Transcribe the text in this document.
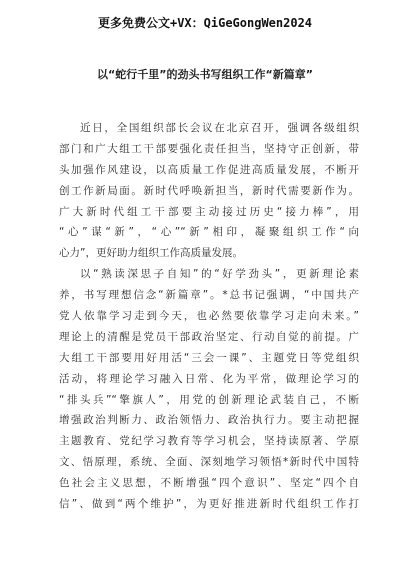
更多免费公文+VX：QiGeGongWen2024
以“蛇行千里”的劲头书写组织工作“新篇章”
近日，全国组织部长会议在北京召开，强调各级组织
部门和广大组工干部要强化责任担当，坚持守正创新，带
头加强作风建设，以高质量工作促进高质量发展，不断开
创工作新局面。新时代呼唤新担当，新时代需要新作为。
广大新时代组工干部要主动接过历史“接力棒”，用
“心”谋“新”，“心”“新”相印，凝聚组织工作“向
心力”，更好助力组织工作高质量发展。
以“熟读深思子自知”的“好学劲头”，更新理论素
养，书写理想信念“新篇章”。*总书记强调，“中国共产
党人依靠学习走到今天，也必然要依靠学习走向未来。”
理论上的清醒是党员干部政治坚定、行动自觉的前提。广
大组工干部要用好用活“三会一课”、主题党日等党组织
活动，将理论学习融入日常、化为平常，做理论学习的
“排头兵”“擎旗人”，用党的创新理论武装自己，不断
增强政治判断力、政治领悟力、政治执行力。要主动把握
主题教育、党纪学习教育等学习机会，坚持读原著、学原
文、悟原理，系统、全面、深刻地学习领悟*新时代中国特
色社会主义思想，不断增强“四个意识”、坚定“四个自
信”、做到“两个维护”，为更好推进新时代组织工作打
